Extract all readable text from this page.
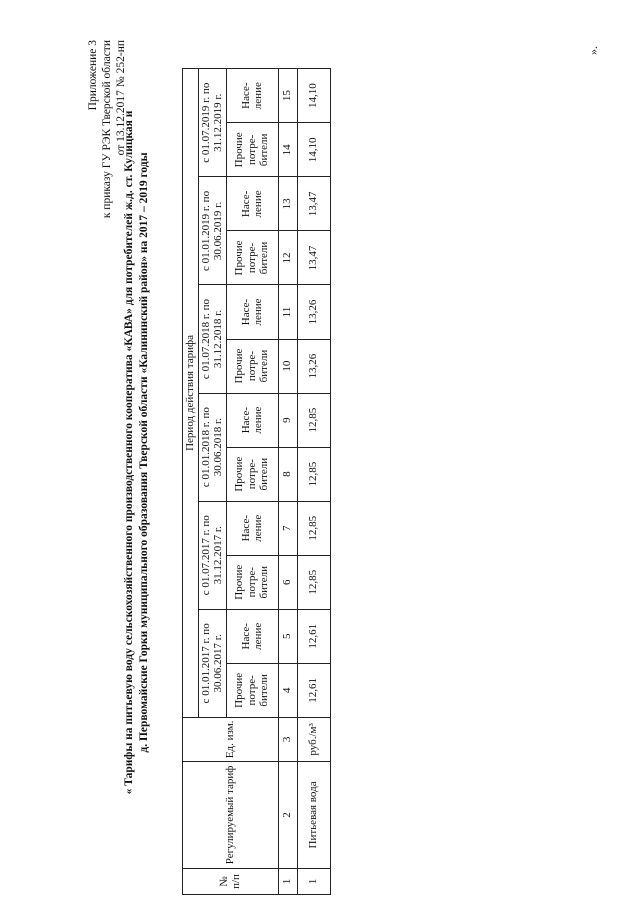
Приложение 3 к приказу ГУ РЭК Тверской области от 13.12.2017 № 252-нп
« Тарифы на питьевую воду сельскохозяйственного производственного кооператива «КАВА» для потребителей ж.д. ст. Кулицкая и д. Первомайские Горки муниципального образования Тверской области «Калининский район» на 2017 – 2019 годы
№ п/п	Регулируемый тариф	Ед. изм.	Период действия тарифа											
			с 01.01.2017 г. по 30.06.2017 г.		с 01.07.2017 г. по 31.12.2017 г.		с 01.01.2018 г. по 30.06.2018 г.		с 01.07.2018 г. по 31.12.2018 г.		с 01.01.2019 г. по 30.06.2019 г.		с 01.07.2019 г. по 31.12.2019 г.	
			Прочие потре-бители	Насе-ление	Прочие потре-бители	Насе-ление	Прочие потре-бители	Насе-ление	Прочие потре-бители	Насе-ление	Прочие потре-бители	Насе-ление	Прочие потре-бители	Насе-ление
1	2	3	4	5	6	7	8	9	10	11	12	13	14	15
1	Питьевая вода	руб./м³	12,61	12,61	12,85	12,85	12,85	12,85	13,26	13,26	13,47	13,47	14,10	14,10
».
